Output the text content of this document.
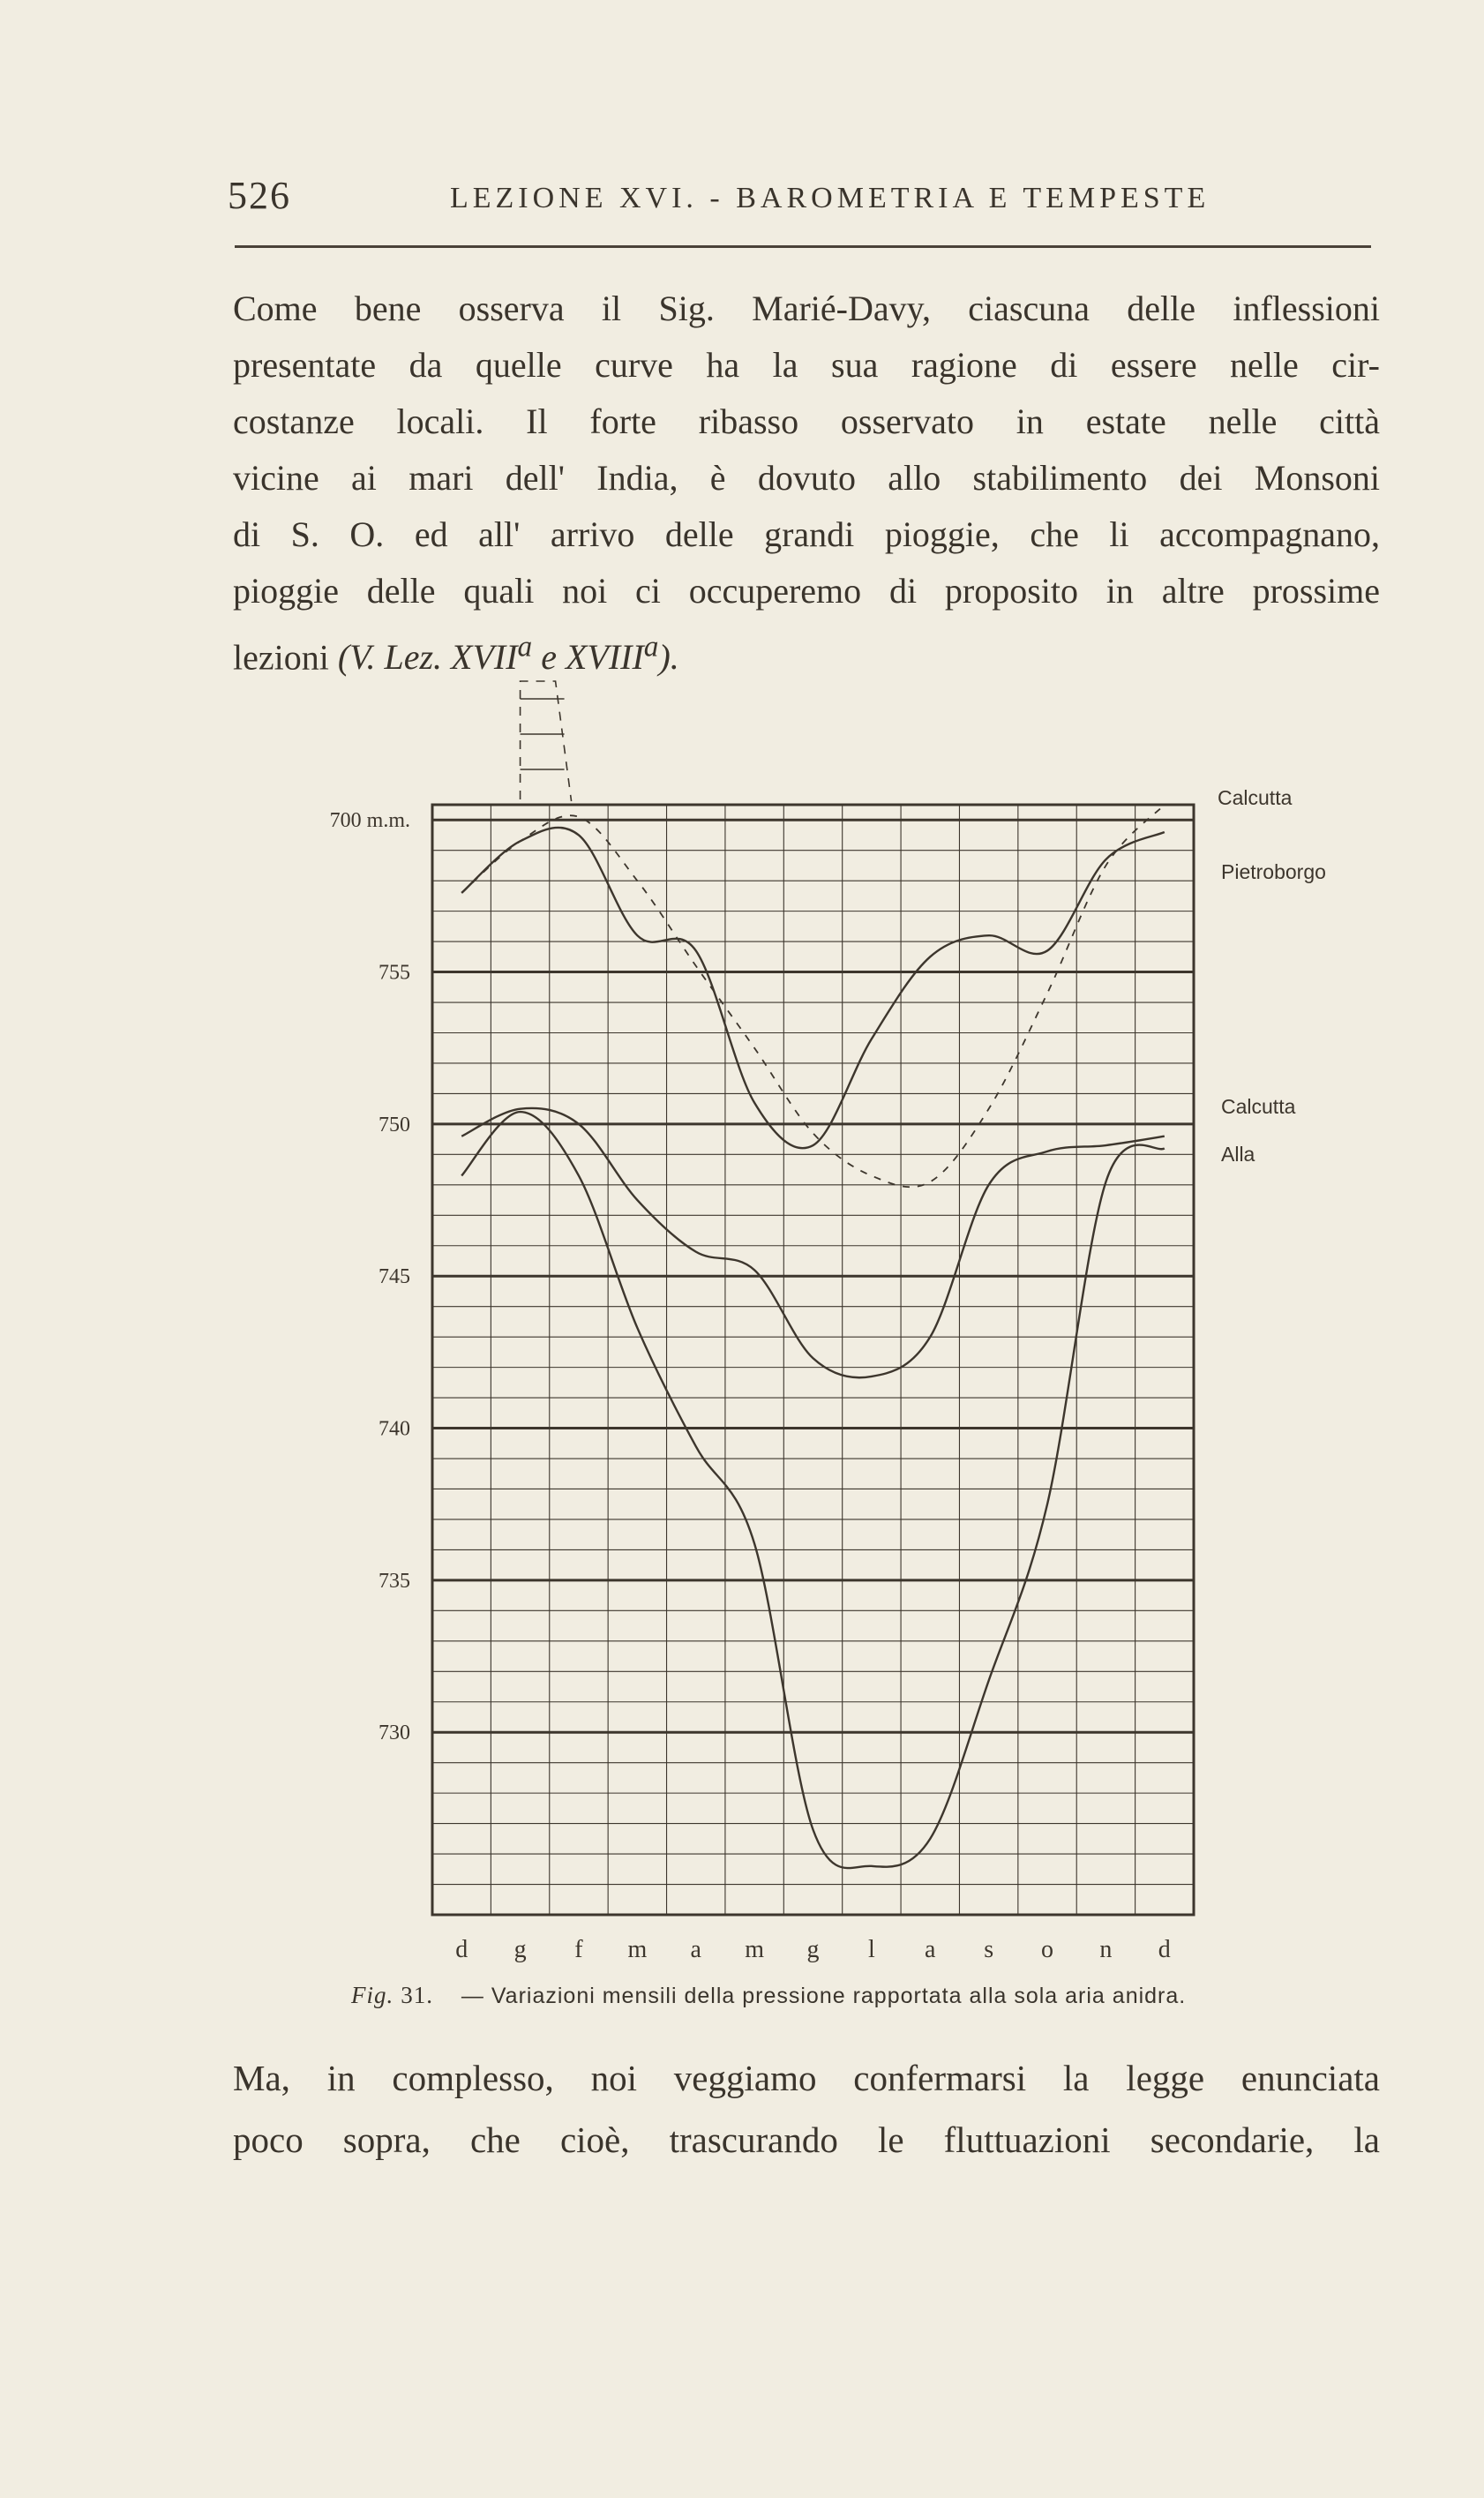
526	LEZIONE XVI. - BAROMETRIA E TEMPESTE
Come bene osserva il Sig. Marié-Davy, ciascuna delle inflessioni
presentate da quelle curve ha la sua ragione di essere nelle cir-
costanze locali. Il forte ribasso osservato in estate nelle città
vicine ai mari dell' India, è dovuto allo stabilimento dei Monsoni
di S. O. ed all' arrivo delle grandi pioggie, che li accompagnano,
pioggie delle quali noi ci occuperemo di proposito in altre prossime
lezioni (V. Lez. XVII$^a$ e XVIII$^a$).
700 m.m.
755
750
745
740
735
730
d g f m a m g l a s o n d
Calcutta
Pietroborgo
Calcutta
Alla
Fig. 31. — Variazioni mensili della pressione rapportata alla sola aria anidra.
Ma, in complesso, noi veggiamo confermarsi la legge enunciata
poco sopra, che cioè, trascurando le fluttuazioni secondarie, la
